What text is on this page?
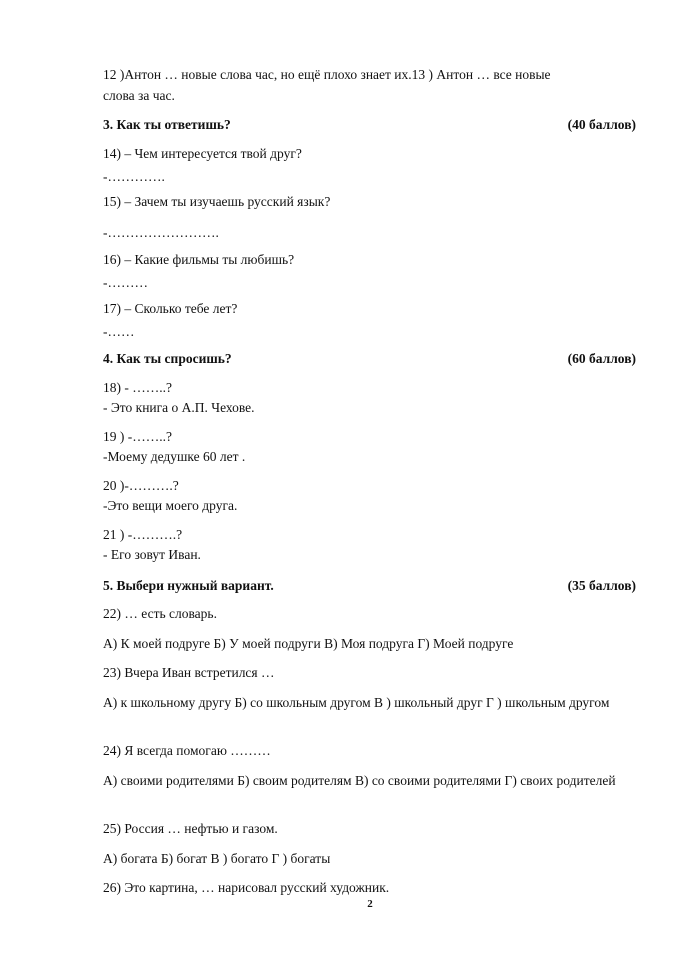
12 )Антон … новые слова час, но ещё плохо знает их.13 ) Антон … все новые
слова за час.
3. Как ты ответишь?	(40 баллов)
14) – Чем интересуется твой друг?
-………….
15) – Зачем ты изучаешь русский язык?
-…………………….
16) – Какие фильмы ты любишь?
-………
17) – Сколько тебе лет?
-……
4. Как ты спросишь?	(60 баллов)
18) - ……..?
- Это книга о А.П. Чехове.
19 ) -……..?
-Моему дедушке 60 лет .
20 )-……….?
-Это вещи моего друга.
21 ) -……….?
- Его зовут Иван.
5. Выбери нужный вариант.	(35 баллов)
22) … есть словарь.
А) К моей подруге Б) У моей подруги В) Моя подруга Г) Моей подруге
23) Вчера Иван встретился …
А) к школьному другу Б) со школьным другом В ) школьный друг Г ) школьным другом
24) Я всегда помогаю ………
А) своими родителями Б) своим родителям В) со своими родителями Г) своих родителей
25) Россия … нефтью и газом.
А) богата Б) богат В ) богато Г ) богаты
26) Это картина, … нарисовал русский художник.
2
